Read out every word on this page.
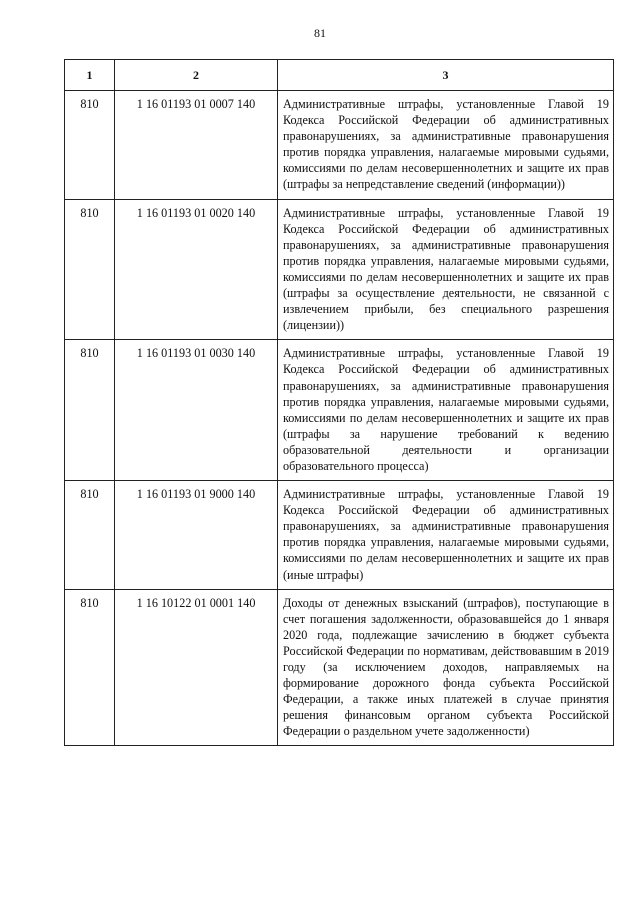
81
1	2	3
810	1 16 01193 01 0007 140	Административные штрафы, установленные Главой 19 Кодекса Российской Федерации об административных правонарушениях, за административные правонарушения против порядка управления, налагаемые мировыми судьями, комиссиями по делам несовершеннолетних и защите их прав (штрафы за непредставление сведений (информации))
810	1 16 01193 01 0020 140	Административные штрафы, установленные Главой 19 Кодекса Российской Федерации об административных правонарушениях, за административные правонарушения против порядка управления, налагаемые мировыми судьями, комиссиями по делам несовершеннолетних и защите их прав (штрафы за осуществление деятельности, не связанной с извлечением прибыли, без специального разрешения (лицензии))
810	1 16 01193 01 0030 140	Административные штрафы, установленные Главой 19 Кодекса Российской Федерации об административных правонарушениях, за административные правонарушения против порядка управления, налагаемые мировыми судьями, комиссиями по делам несовершеннолетних и защите их прав (штрафы за нарушение требований к ведению образовательной деятельности и организации образовательного процесса)
810	1 16 01193 01 9000 140	Административные штрафы, установленные Главой 19 Кодекса Российской Федерации об административных правонарушениях, за административные правонарушения против порядка управления, налагаемые мировыми судьями, комиссиями по делам несовершеннолетних и защите их прав (иные штрафы)
810	1 16 10122 01 0001 140	Доходы от денежных взысканий (штрафов), поступающие в счет погашения задолженности, образовавшейся до 1 января 2020 года, подлежащие зачислению в бюджет субъекта Российской Федерации по нормативам, действовавшим в 2019 году (за исключением доходов, направляемых на формирование дорожного фонда субъекта Российской Федерации, а также иных платежей в случае принятия решения финансовым органом субъекта Российской Федерации о раздельном учете задолженности)
